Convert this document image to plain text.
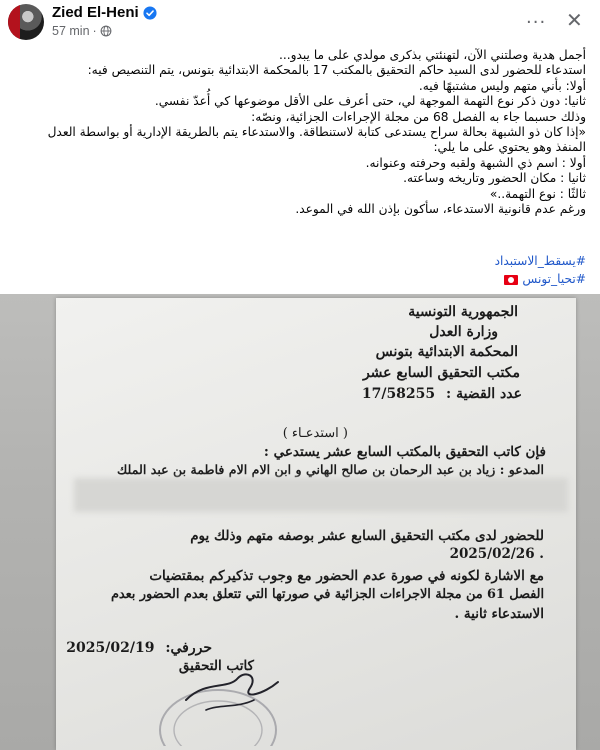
Zied El-Heni
57 min ·	··· ✕

أجمل هدية وصلتني الآن، لتهنئتي بذكرى مولدي على ما يبدو...

استدعاء للحضور لدى السيد حاكم التحقيق بالمكتب 17 بالمحكمة الابتدائية بتونس، يتم التنصيص فيه:

أولا: بأني متهم وليس مشتبهًا فيه.

ثانيا: دون ذكر نوع التهمة الموجهة لي، حتى أعرف على الأقل موضوعها كي أُعدّ نفسي.

وذلك حسبما جاء به الفصل 68 من مجلة الإجراءات الجزائية، ونصّه:

«إذا كان ذو الشبهة بحالة سراح يستدعى كتابة لاستنطاقة. والاستدعاء يتم بالطريقة الإدارية أو بواسطة العدل

المنفذ وهو يحتوي على ما يلي:

أولا : اسم ذي الشبهة ولقبه وحرفته وعنوانه.

ثانيا : مكان الحضور وتاريخه وساعته.

ثالثًا : نوع التهمة..»

ورغم عدم قانونية الاستدعاء، سأكون بإذن الله في الموعد.

#يسقط_الاستبداد
#تحيا_تونس
الجمهورية التونسية
وزارة العدل
المحكمة الابتدائية بتونس
مكتب التحقيق السابع عشر
عدد القضية : 17/58255
( استدعـاء )
فإن كاتب التحقيق بالمكتب السابع عشر يستدعي :
المدعو : زياد بن عبد الرحمان بن صالح الهاني و ابن الام الام فاطمة بن عبد الملك
للحضور لدى مكتب التحقيق السابع عشر بوصفه متهم وذلك يوم
2025/02/26 .
مع الاشارة لكونه في صورة عدم الحضور مع وجوب تذكيركم بمقتضيات
الفصل 61 من مجلة الاجراءات الجزائية في صورتها التي تتعلق بعدم الحضور بعدم
الاستدعاء ثانية .
حررفي: 2025/02/19
كاتب التحقيق
